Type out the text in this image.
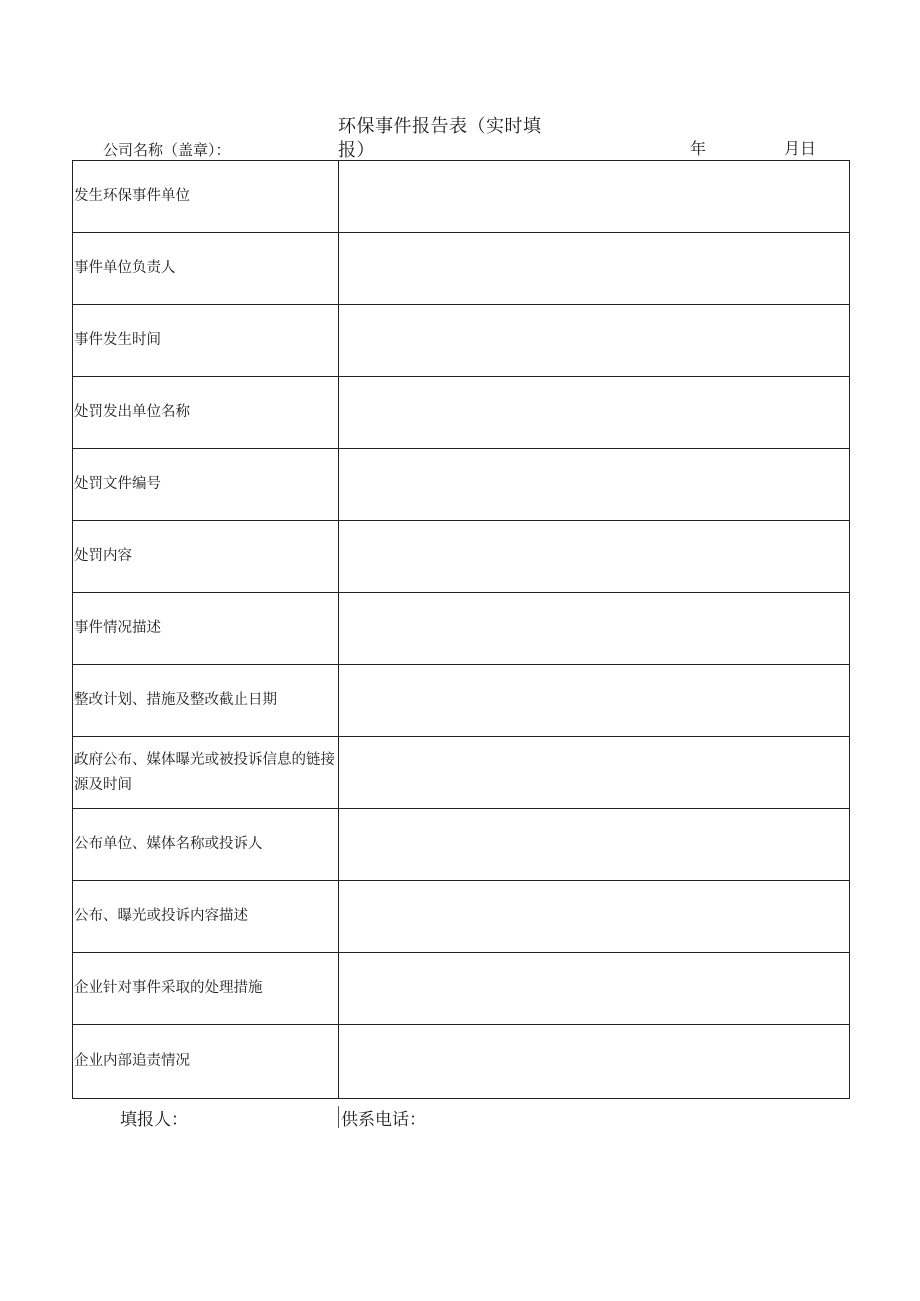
环保事件报告表（实时填报）
公司名称（盖章）：	年	月日
发生环保事件单位
事件单位负责人
事件发生时间
处罚发出单位名称
处罚文件编号
处罚内容
事件情况描述
整改计划、措施及整改截止日期
政府公布、媒体曝光或被投诉信息的链接源及时间
公布单位、媒体名称或投诉人
公布、曝光或投诉内容描述
企业针对事件采取的处理措施
企业内部追责情况
填报人：	供系电话：
